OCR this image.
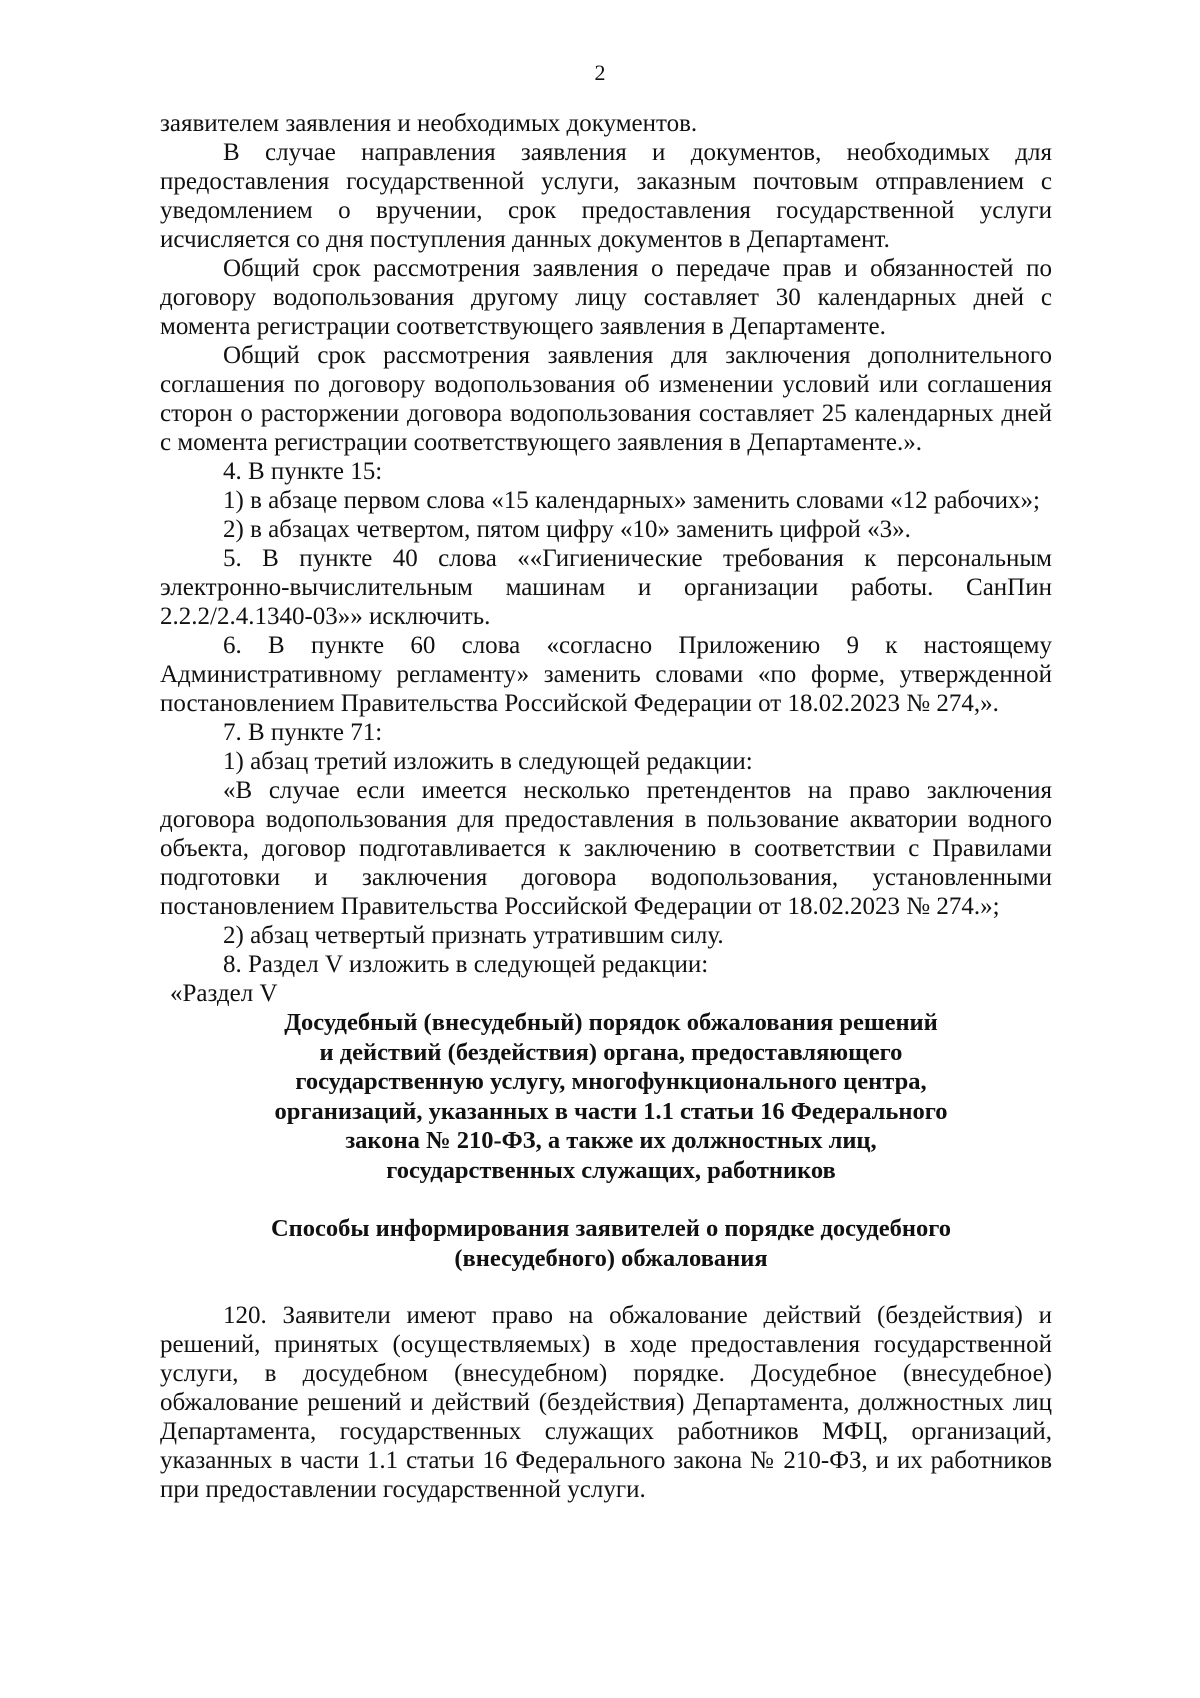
2

заявителем заявления и необходимых документов.

В случае направления заявления и документов, необходимых для предоставления государственной услуги, заказным почтовым отправлением с уведомлением о вручении, срок предоставления государственной услуги исчисляется со дня поступления данных документов в Департамент.

Общий срок рассмотрения заявления о передаче прав и обязанностей по договору водопользования другому лицу составляет 30 календарных дней с момента регистрации соответствующего заявления в Департаменте.

Общий срок рассмотрения заявления для заключения дополнительного соглашения по договору водопользования об изменении условий или соглашения сторон о расторжении договора водопользования составляет 25 календарных дней с момента регистрации соответствующего заявления в Департаменте.».

4. В пункте 15:

1) в абзаце первом слова «15 календарных» заменить словами «12 рабочих»;

2) в абзацах четвертом, пятом цифру «10» заменить цифрой «3».

5. В пункте 40 слова ««Гигиенические требования к персональным электронно-вычислительным машинам и организации работы. СанПин 2.2.2/2.4.1340-03»» исключить.

6. В пункте 60 слова «согласно Приложению 9 к настоящему Административному регламенту» заменить словами «по форме, утвержденной постановлением Правительства Российской Федерации от 18.02.2023 № 274,».

7. В пункте 71:

1) абзац третий изложить в следующей редакции:

«В случае если имеется несколько претендентов на право заключения договора водопользования для предоставления в пользование акватории водного объекта, договор подготавливается к заключению в соответствии с Правилами подготовки и заключения договора водопользования, установленными постановлением Правительства Российской Федерации от 18.02.2023 № 274.»;

2) абзац четвертый признать утратившим силу.

8. Раздел V изложить в следующей редакции:

«Раздел V

Досудебный (внесудебный) порядок обжалования решений
и действий (бездействия) органа, предоставляющего
государственную услугу, многофункционального центра,
организаций, указанных в части 1.1 статьи 16 Федерального
закона № 210-ФЗ, а также их должностных лиц,
государственных служащих, работников

Способы информирования заявителей о порядке досудебного
(внесудебного) обжалования

120. Заявители имеют право на обжалование действий (бездействия) и решений, принятых (осуществляемых) в ходе предоставления государственной услуги, в досудебном (внесудебном) порядке. Досудебное (внесудебное) обжалование решений и действий (бездействия) Департамента, должностных лиц Департамента, государственных служащих работников МФЦ, организаций, указанных в части 1.1 статьи 16 Федерального закона № 210-ФЗ, и их работников при предоставлении государственной услуги.
